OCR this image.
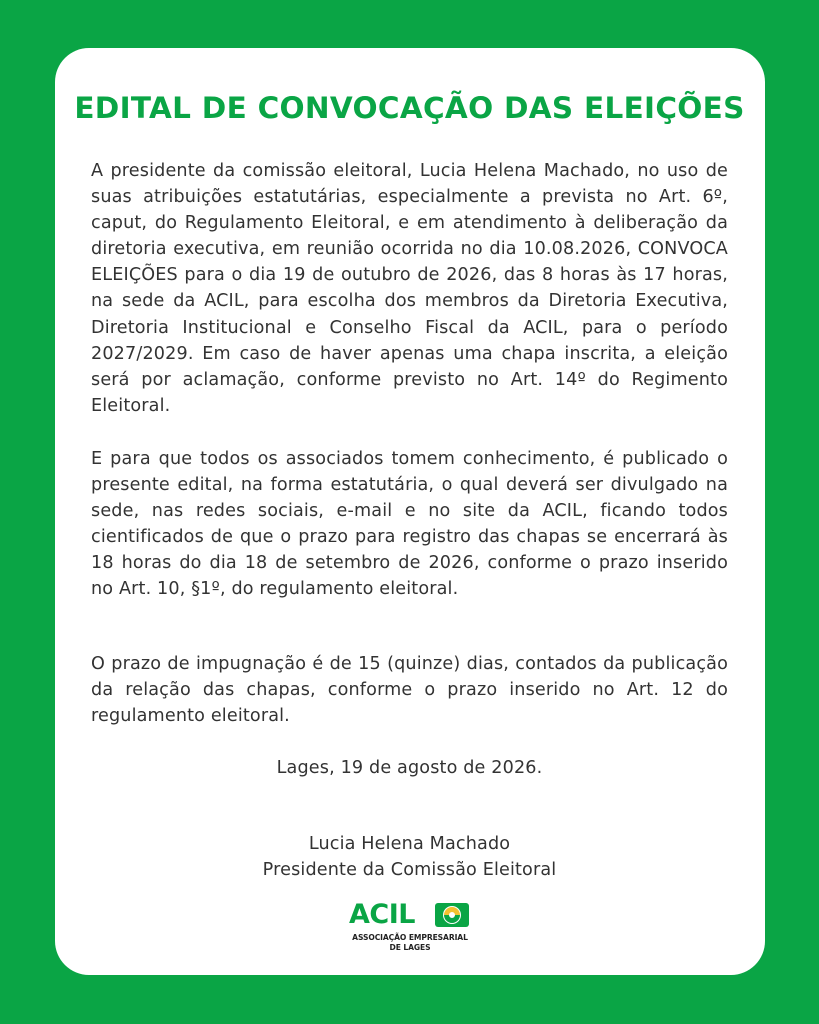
EDITAL DE CONVOCAÇÃO DAS ELEIÇÕES

A presidente da comissão eleitoral, Lucia Helena Machado, no uso de suas atribuições estatutárias, especialmente a prevista no Art. 6º, caput, do Regulamento Eleitoral, e em atendimento à deliberação da diretoria executiva, em reunião ocorrida no dia 10.08.2026, CONVOCA ELEIÇÕES para o dia 19 de outubro de 2026, das 8 horas às 17 horas, na sede da ACIL, para escolha dos membros da Diretoria Executiva, Diretoria Institucional e Conselho Fiscal da ACIL, para o período 2027/2029. Em caso de haver apenas uma chapa inscrita, a eleição será por aclamação, conforme previsto no Art. 14º do Regimento Eleitoral.

E para que todos os associados tomem conhecimento, é publicado o presente edital, na forma estatutária, o qual deverá ser divulgado na sede, nas redes sociais, e-mail e no site da ACIL, ficando todos cientificados de que o prazo para registro das chapas se encerrará às 18 horas do dia 18 de setembro de 2026, conforme o prazo inserido no Art. 10, §1º, do regulamento eleitoral.

O prazo de impugnação é de 15 (quinze) dias, contados da publicação da relação das chapas, conforme o prazo inserido no Art. 12 do regulamento eleitoral.

Lages, 19 de agosto de 2026.

Lucia Helena Machado

Presidente da Comissão Eleitoral

ACIL
ASSOCIAÇÃO EMPRESARIAL
DE LAGES
